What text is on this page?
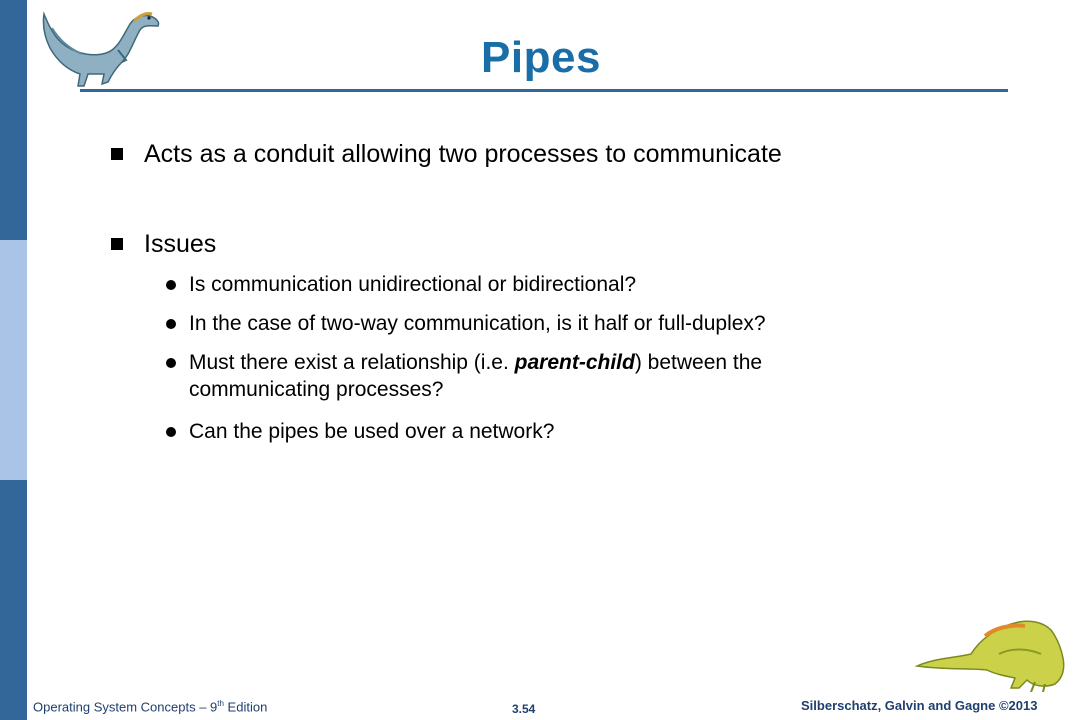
Pipes
Acts as a conduit allowing two processes to communicate
Issues
Is communication unidirectional or bidirectional?
In the case of two-way communication, is it half or full-duplex?
Must there exist a relationship (i.e. parent-child) between the communicating processes?
Can the pipes be used over a network?
Operating System Concepts – 9th Edition	3.54	Silberschatz, Galvin and Gagne ©2013
